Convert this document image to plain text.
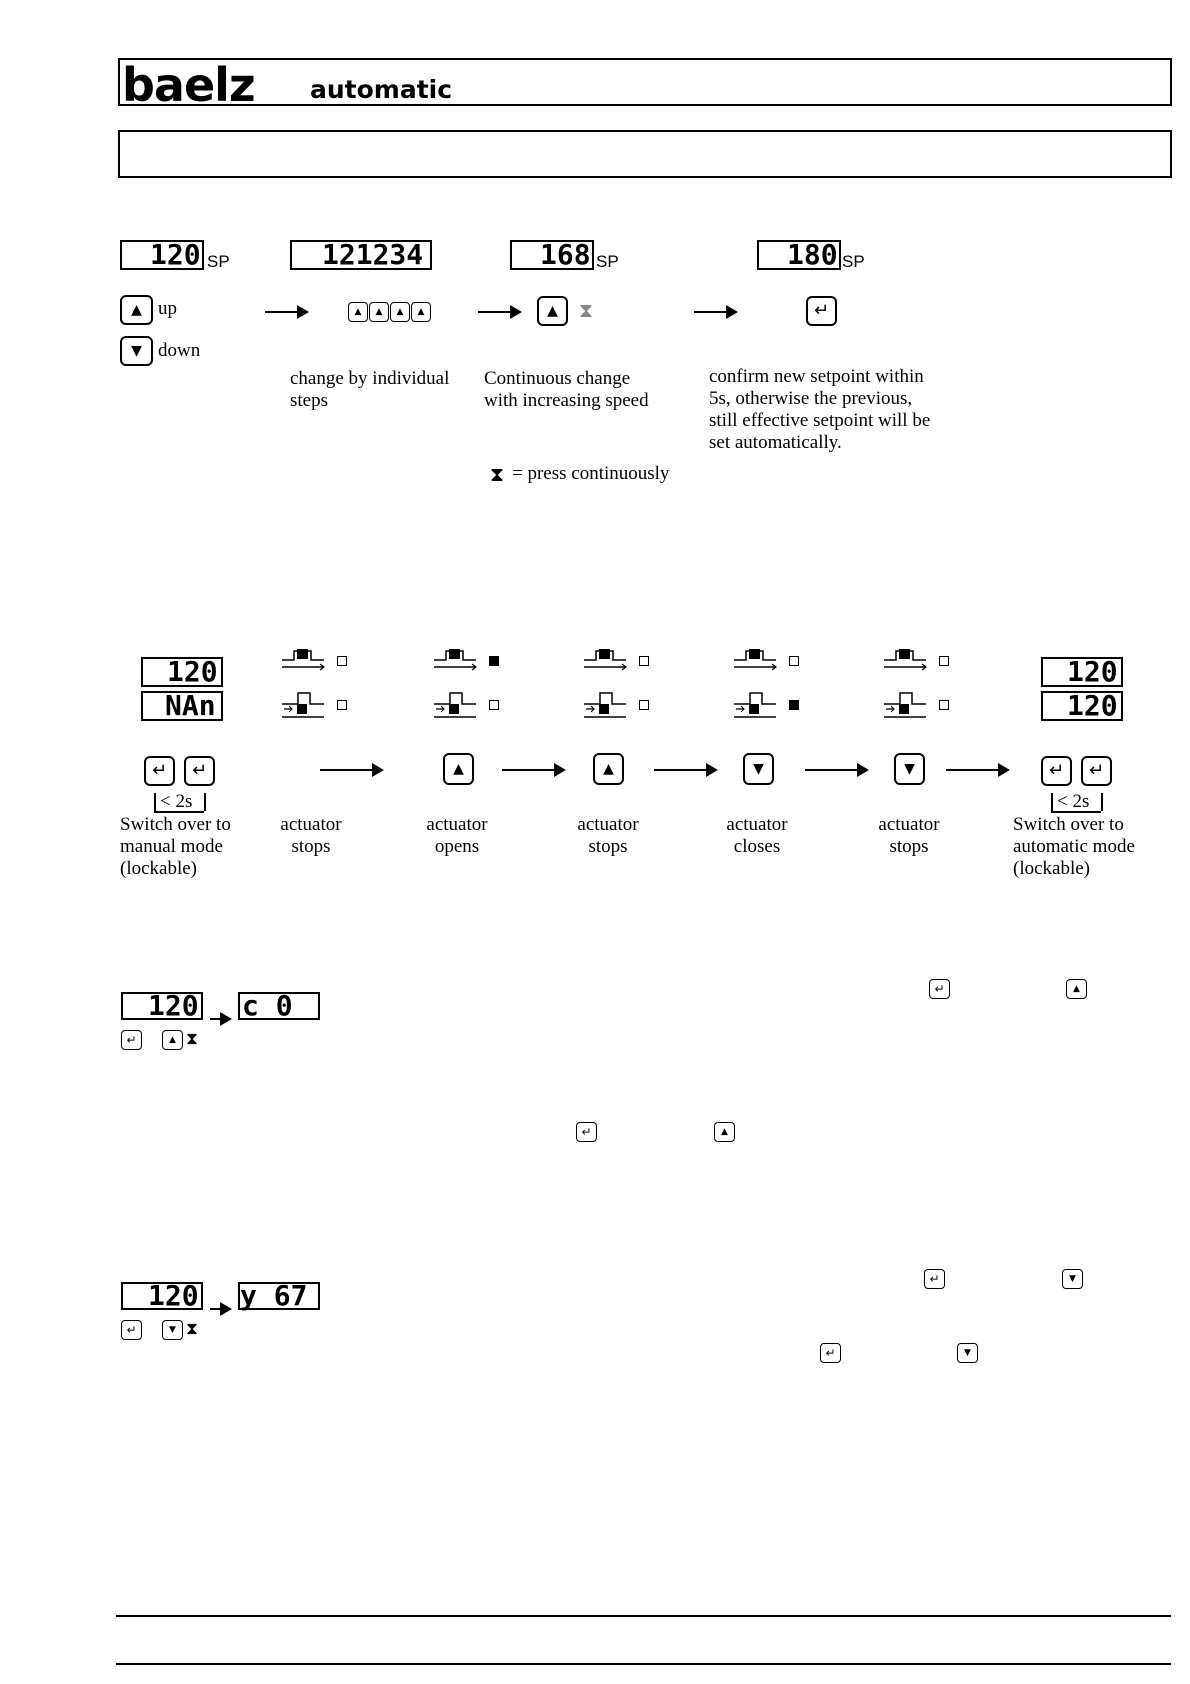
baelz automatic
120 SP	121234	168 SP	180 SP
▲ up
▼ down
▲ ▲ ▲ ▲	▲ ⧗	↵
change by individual
steps
Continuous change
with increasing speed
confirm new setpoint within
5s, otherwise the previous,
still effective setpoint will be
set automatically.
⧗ = press continuously
120
NAn
120
120
↵ ↵
< 2s
▲	▲	▼	▼	↵ ↵
< 2s
Switch over to
manual mode
(lockable)
actuator
stops
actuator
opens
actuator
stops
actuator
closes
actuator
stops
Switch over to
automatic mode
(lockable)
120 c 0
↵	▲ ⧗
↵	▲
↵	▲
120 y 67
↵	▼ ⧗
↵	▼
↵	▼
